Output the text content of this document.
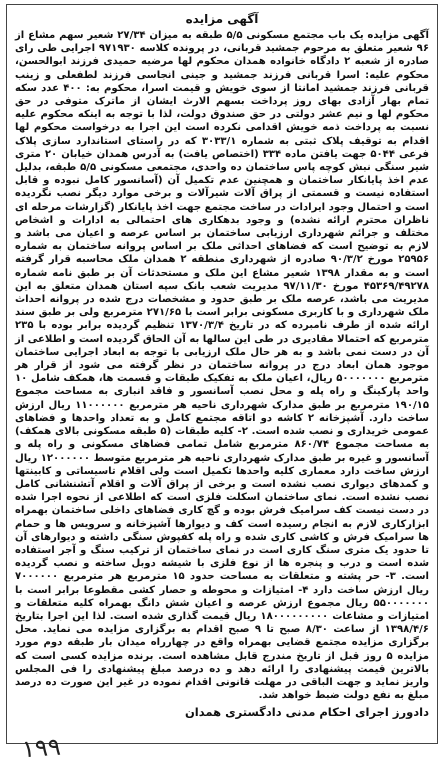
آگهی مزایده

آگهی مزایده یک باب مجتمع مسکونی ۵/۵ طبقه به میزان ۲۷/۳۴ شعیر سهم مشاع از ۹۶ شعیر متعلق به مرحوم جمشید قربانی، در پرونده کلاسه ۹۷۱۹۳۰ اجرایی طی رای صادره از شعبه ۲ دادگاه خانواده همدان محکوم لها مرضیه حمیدی فرزند ابوالحسن، محکوم علیه: اسرا قربانی فرزند جمشید و جینی انجاسی فرزند لطفعلی و زینب قربانی فرزند جمشید امانتا از سوی خویش و قیمت اسرا، محکوم به: ۴۰۰ عدد سکه تمام بهار آزادی بهای روز پرداخت بسهم الارث ایشان از ماترک متوفی در حق محکوم لها و نیم عشر دولتی در حق صندوق دولت، لذا با توجه به اینکه محکوم علیه نسبت به پرداخت ذمه خویش اقدامی نکرده است این اجرا به درخواست محکوم لها اقدام به توقیف پلاک ثبتی به شماره ۳۰۳۳/۱ که در راستای استاندارد سازی پلاک فرعی ۵۰۴۴ جهت یافتن ماده ۳۳۴ (اختصاص یافت) به آدرس همدان خیابان ۲۰ متری شیر سنگی نبش کوچه پاس ساختمان ده واحدی، مجتمعی مسکونی ۵/۵ طبقه، بدلیل عدم اخذ پایانکار ساختمان و همچنین عدم تکمیل آن (آسانسور کامل نبوده و قابل استفاده نیست و قسمتی از پراق آلات شیرآلات و برخی موارد دیگر نصب نگردیده است و احتمال وجود ایرادات در ساخت مجتمع جهت اخذ پایانکار (گزارشات مرحله ای ناظران محترم ارائه نشده) و وجود بدهکاری های احتمالی به ادارات و اشخاص مختلف و جرائم شهرداری ارزیابی ساختمان بر اساس عرصه و اعیان می باشد و لازم به توضیح است که فضاهای احداثی ملک بر اساس پروانه ساختمان به شماره ۲۵۹۵۶ مورخ ۹۰/۳/۲ صادره از شهرداری منطقه ۲ همدان ملک محاسبه قرار گرفته است و به مقدار ۱۳۹۸ شعیر مشاع این ملک و مستحدثات آن بر طبق نامه شماره ۴۵۳۶۹/۴۹۲۷۸ مورخ ۹۷/۱۱/۳۰ مدیریت شعب بانک سپه استان همدان متعلق به این مدیریت می باشد، عرصه ملک بر طبق حدود و مشخصات درج شده در پروانه احداث ملک شهرداری و با کاربری مسکونی برابر است با ۲۷۱/۶۵ مترمربع ولی بر طبق سند ارائه شده از طرف نامبرده که در تاریخ ۱۳۷۰/۳/۴ تنظیم گردیده برابر بوده با ۲۳۵ مترمربع که احتمالا مقادیری در طی این سالها به آن الحاق گردیده است و اطلاعی از آن در دست نمی باشد و به هر حال ملک ارزیابی با توجه به ابعاد اجرایی ساختمان موجود همان ابعاد درج در پروانه ساختمان در نظر گرفته می شود از قرار هر مترمربع ۵۰۰۰۰۰۰۰ ریال، اعیان ملک به تفکیک طبقات و قسمت ها، همکف شامل ۱۰ واحد پارکینگ و راه پله و محل نصب آسانسور و فاقد انباری به مساحت مجموع ۱۹۰/۱۵ مترمربع بر طبق مدارک شهرداری ناحیه هر مترمربع ۱۱۰۰۰۰۰۰ ریال ارزش ساخت دارد. آشپزخانه ۲ کاشه دو اتاقه مجتمع کامل و به تعداد واحدها و فضاهای عمومی خریداری و نصب شده است. ۲- کلیه طبقات (۵ طبقه مسکونی بالای همکف) به مساحت مجموع ۸۶۰/۷۴ مترمربع شامل تمامی فضاهای مسکونی و راه پله و آسانسور و غیره بر طبق مدارک شهرداری ناحیه هر مترمربع متوسط ۱۲۰۰۰۰۰۰ ریال ارزش ساخت دارد معماری کلیه واحدها تکمیل است ولی اقلام تاسیساتی و کابینتها و کمدهای دیواری نصب نشده است و برخی از پراق آلات و اقلام آتشنشانی کامل نصب نشده است. نمای ساختمان اسکلت فلزی است که اطلاعی از نحوه اجرا شده در دست نیست کف سرامیک فرش بوده و گچ کاری فضاهای داخلی ساختمان بهمراه ابزارکاری لازم به انجام رسیده است کف و دیوارها آشپزخانه و سرویس ها و حمام ها سرامیک فرش و کاشی کاری شده و راه پله کفپوش سنگی داشته و دیوارهای آن تا حدود یک متری سنگ کاری است در نمای ساختمان از ترکیب سنگ و آجر استفاده شده است و درب و پنجره ها از نوع فلزی با شیشه دوبل ساخته و نصب گردیده است. ۳- حر پشته و متعلقات به مساحت حدود ۱۵ مترمربع هر مترمربع ۷۰۰۰۰۰۰ ریال ارزش ساخت دارد ۴- امتیازات و محوطه و حصار کشی مقطوعا برابر است با ۵۵۰۰۰۰۰۰۰ ریال مجموع ارزش عرصه و اعیان شش دانگ بهمراه کلیه متعلقات و امتیازات و مشاعات ۱۸۰۰۰۰۰۰۰۰۰ ریال قیمت گذاری شده است. لذا این اجرا بتاریخ ۱۳۹۸/۴/۶ از ساعت ۸/۳۰ صبح تا ۹ صبح اقدام به برگزاری مزایده می نماید. محل برگزاری مزایده مجتمع قضایی بهمراه واقع در چهارراه میدان بار طبقه دوم مورد مزایده ۵ روز قبل از تاریخ مندرج قابل مشاهده است. برنده مزایده کسی است که بالاترین قیمت پیشنهادی را ارائه دهد و ده درصد مبلغ پیشنهادی را فی المجلس واریز نماید و جهت الباقی در مهلت قانونی اقدام نموده در غیر این صورت ده درصد مبلغ به نفع دولت ضبط خواهد شد.

دادورز اجرای احکام مدنی دادگستری همدان
۱۹۹
